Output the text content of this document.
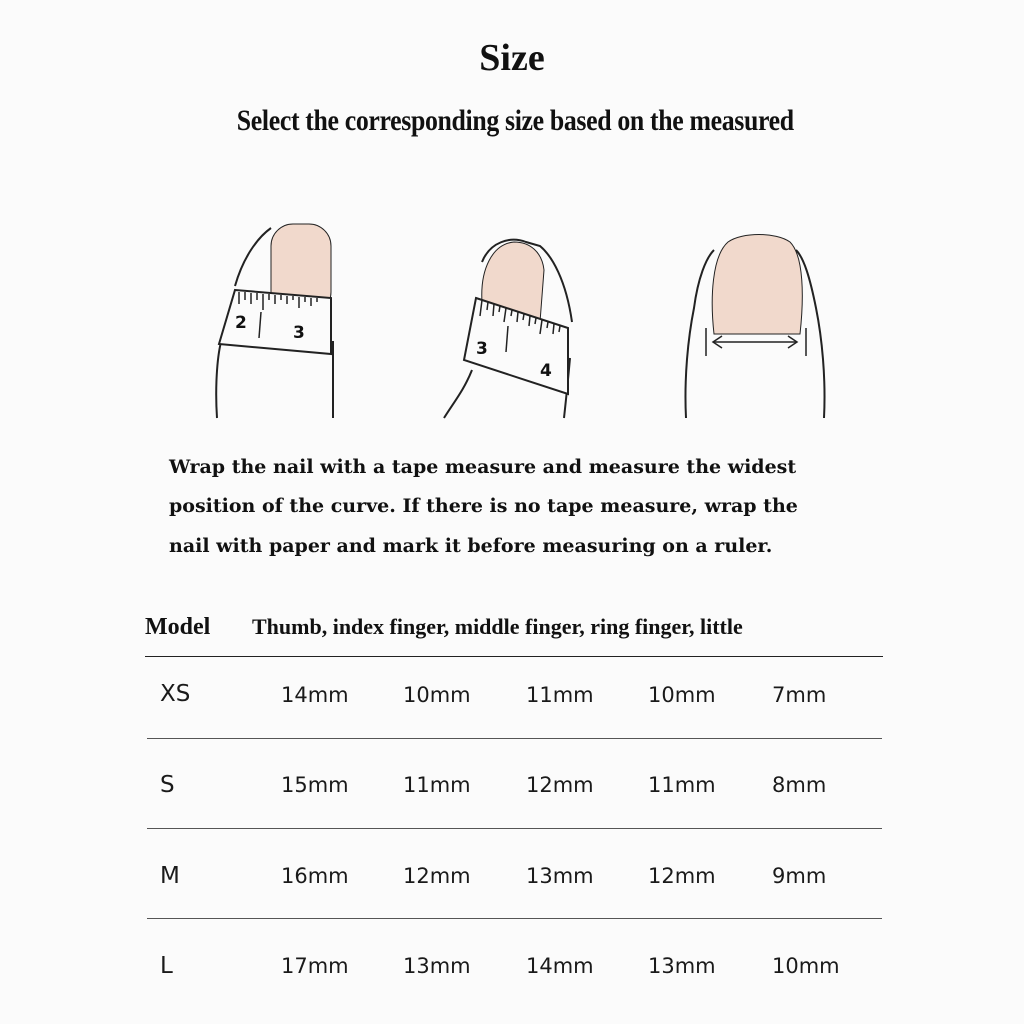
Size
Select the corresponding size based on the measured
2	3
3
4
Wrap the nail with a tape measure and measure the widest
position of the curve. If there is no tape measure, wrap the
nail with paper and mark it before measuring on a ruler.
Model Thumb, index finger, middle finger, ring finger, little
XS	14mm	10mm	11mm	10mm	7mm
S	15mm	11mm	12mm	11mm	8mm
M	16mm	12mm	13mm	12mm	9mm
L	17mm	13mm	14mm	13mm	10mm
